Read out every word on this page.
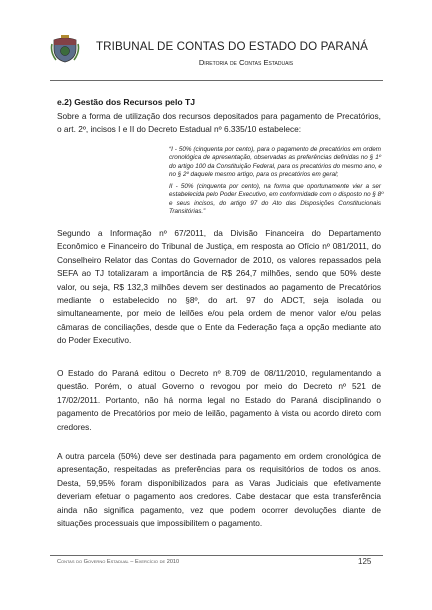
TRIBUNAL DE CONTAS DO ESTADO DO PARANÁ
Diretoria de Contas Estaduais
e.2) Gestão dos Recursos pelo TJ
Sobre a forma de utilização dos recursos depositados para pagamento de Precatórios,
o art. 2º, incisos I e II do Decreto Estadual nº 6.335/10 estabelece:
“I - 50% (cinquenta por cento), para o pagamento de precatórios em ordem
cronológica de apresentação, observadas as preferências definidas no § 1º
do artigo 100 da Constituição Federal, para os precatórios do mesmo ano, e
no § 2º daquele mesmo artigo, para os precatórios em geral;
II - 50% (cinquenta por cento), na forma que oportunamente vier a ser
estabelecida pelo Poder Executivo, em conformidade com o disposto no § 8º
e seus incisos, do artigo 97 do Ato das Disposições Constitucionais
Transitórias.”
Segundo a Informação nº 67/2011, da Divisão Financeira do Departamento
Econômico e Financeiro do Tribunal de Justiça, em resposta ao Ofício nº 081/2011, do
Conselheiro Relator das Contas do Governador de 2010, os valores repassados pela
SEFA ao TJ totalizaram a importância de R$ 264,7 milhões, sendo que 50% deste
valor, ou seja, R$ 132,3 milhões devem ser destinados ao pagamento de Precatórios
mediante o estabelecido no §8º, do art. 97 do ADCT, seja isolada ou
simultaneamente, por meio de leilões e/ou pela ordem de menor valor e/ou pelas
câmaras de conciliações, desde que o Ente da Federação faça a opção mediante ato
do Poder Executivo.
O Estado do Paraná editou o Decreto nº 8.709 de 08/11/2010, regulamentando a
questão. Porém, o atual Governo o revogou por meio do Decreto nº 521 de
17/02/2011. Portanto, não há norma legal no Estado do Paraná disciplinando o
pagamento de Precatórios por meio de leilão, pagamento à vista ou acordo direto com
credores.
A outra parcela (50%) deve ser destinada para pagamento em ordem cronológica de
apresentação, respeitadas as preferências para os requisitórios de todos os anos.
Desta, 59,95% foram disponibilizados para as Varas Judiciais que efetivamente
deveriam efetuar o pagamento aos credores. Cabe destacar que esta transferência
ainda não significa pagamento, vez que podem ocorrer devoluções diante de
situações processuais que impossibilitem o pagamento.
Contas do Governo Estadual – Exercício de 2010	125
